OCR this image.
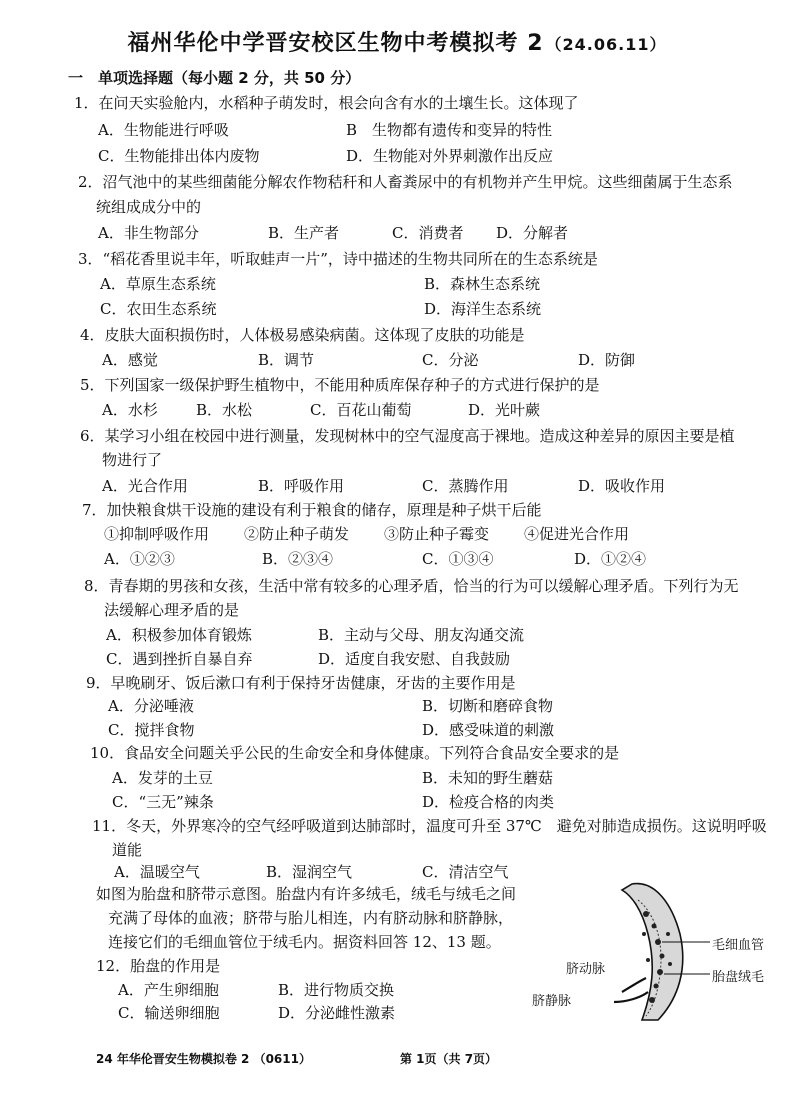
福州华伦中学晋安校区生物中考模拟考 2 （24.06.11）
一　单项选择题（每小题 2 分，共 50 分）
1．在问天实验舱内，水稻种子萌发时，根会向含有水的土壤生长。这体现了
A．生物能进行呼吸	B　生物都有遗传和变异的特性
C．生物能排出体内废物	D．生物能对外界刺激作出反应
2．沼气池中的某些细菌能分解农作物秸秆和人畜粪尿中的有机物并产生甲烷。这些细菌属于生态系
统组成成分中的
A．非生物部分	B．生产者	C．消费者 D．分解者
3．“稻花香里说丰年，听取蛙声一片”，诗中描述的生物共同所在的生态系统是
A．草原生态系统	B．森林生态系统
C．农田生态系统	D．海洋生态系统
4．皮肤大面积损伤时，人体极易感染病菌。这体现了皮肤的功能是
A．感觉	B．调节	C．分泌	D．防御
5．下列国家一级保护野生植物中，不能用种质库保存种子的方式进行保护的是
A．水杉	B．水松	C．百花山葡萄	D．光叶蕨
6．某学习小组在校园中进行测量，发现树林中的空气湿度高于裸地。造成这种差异的原因主要是植
物进行了
A．光合作用	B．呼吸作用	C．蒸腾作用	D．吸收作用
7．加快粮食烘干设施的建设有利于粮食的储存，原理是种子烘干后能
①抑制呼吸作用 ②防止种子萌发 ③防止种子霉变 ④促进光合作用
A．①②③	B．②③④	C．①③④	D．①②④
8．青春期的男孩和女孩，生活中常有较多的心理矛盾，恰当的行为可以缓解心理矛盾。下列行为无
法缓解心理矛盾的是
A．积极参加体育锻炼	B．主动与父母、朋友沟通交流
C．遇到挫折自暴自弃	D．适度自我安慰、自我鼓励
9．早晚刷牙、饭后漱口有利于保持牙齿健康，牙齿的主要作用是
A．分泌唾液	B．切断和磨碎食物
C．搅拌食物	D．感受味道的刺激
10．食品安全问题关乎公民的生命安全和身体健康。下列符合食品安全要求的是
A．发芽的土豆	B．未知的野生蘑菇
C．“三无”辣条	D．检疫合格的肉类
11．冬天，外界寒冷的空气经呼吸道到达肺部时，温度可升至 37℃　避免对肺造成损伤。这说明呼吸
道能
A．温暖空气	B．湿润空气	C．清洁空气
如图为胎盘和脐带示意图。胎盘内有许多绒毛，绒毛与绒毛之间
充满了母体的血液；脐带与胎儿相连，内有脐动脉和脐静脉，
连接它们的毛细血管位于绒毛内。据资料回答 12、13 题。
12．胎盘的作用是
A．产生卵细胞	B．进行物质交换
C．输送卵细胞	D．分泌雌性激素
毛细血管
脐动脉
胎盘绒毛
脐静脉
24 年华伦晋安生物模拟卷 2 （0611）	第 1页（共 7页）
